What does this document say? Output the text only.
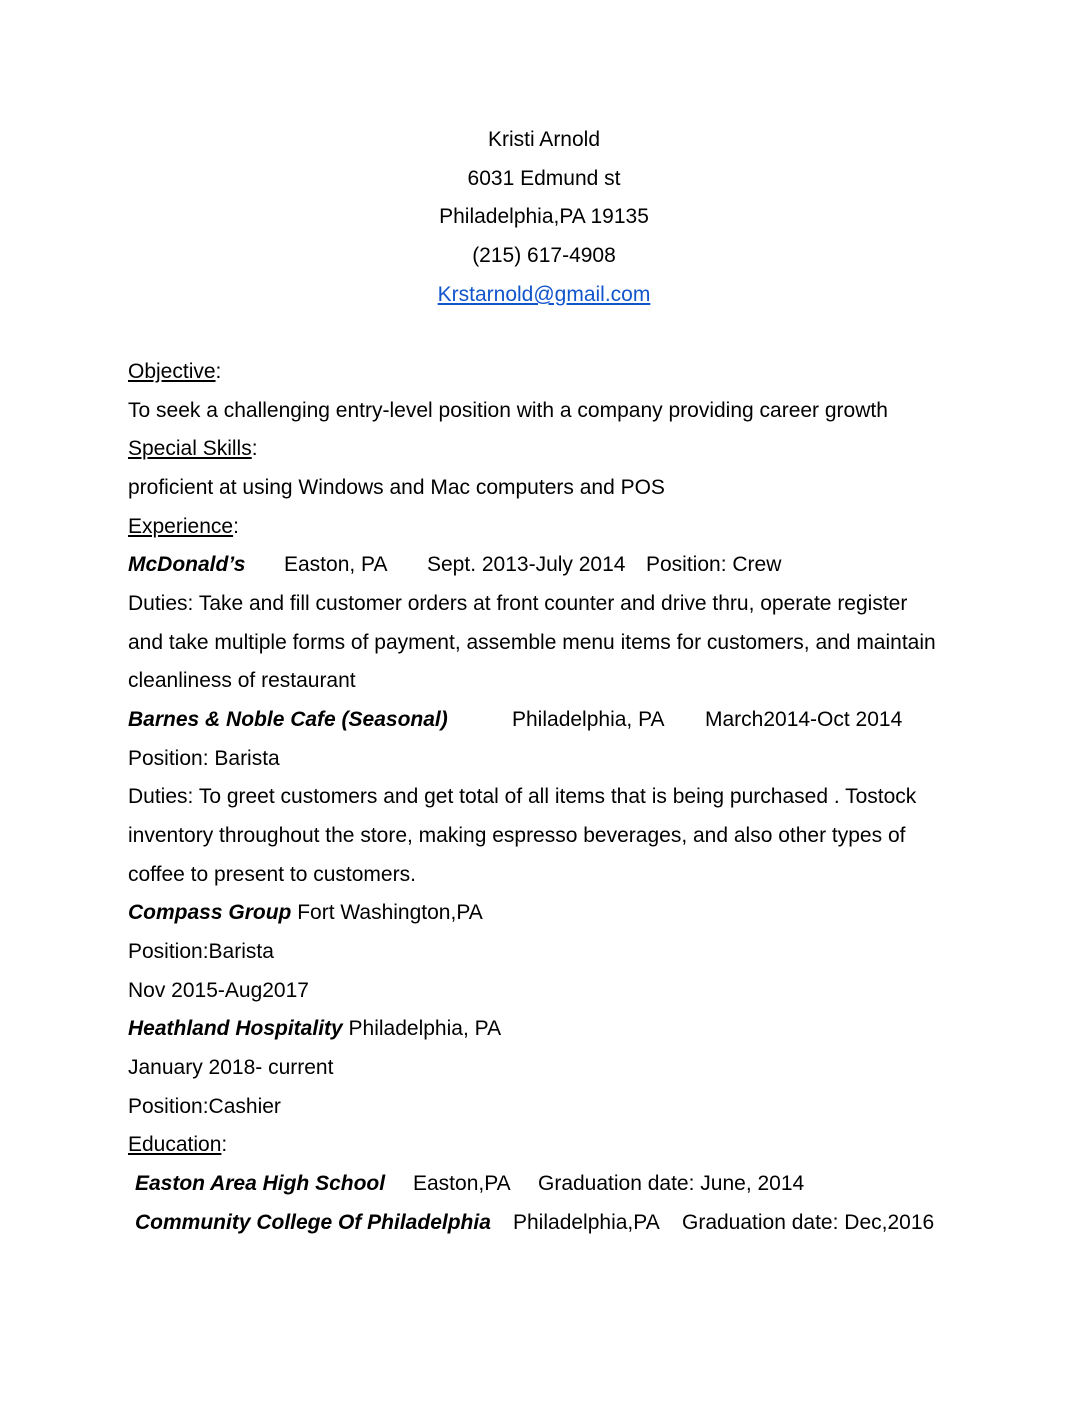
Kristi Arnold
6031 Edmund st
Philadelphia,PA 19135
(215) 617-4908
Krstarnold@gmail.com
Objective:
To seek a challenging entry-level position with a company providing career growth
Special Skills:
proficient at using Windows and Mac computers and POS
Experience:
McDonald’s Easton, PA Sept. 2013-July 2014 Position: Crew
Duties: Take and fill customer orders at front counter and drive thru, operate register
and take multiple forms of payment, assemble menu items for customers, and maintain
cleanliness of restaurant
Barnes & Noble Cafe (Seasonal)	Philadelphia, PA March2014-Oct 2014
Position: Barista
Duties: To greet customers and get total of all items that is being purchased . Tostock
inventory throughout the store, making espresso beverages, and also other types of
coffee to present to customers.
Compass Group Fort Washington,PA
Position:Barista
Nov 2015-Aug2017
Heathland Hospitality Philadelphia, PA
January 2018- current
Position:Cashier
Education:
Easton Area High School Easton,PA Graduation date: June, 2014
Community College Of Philadelphia Philadelphia,PA Graduation date: Dec,2016
